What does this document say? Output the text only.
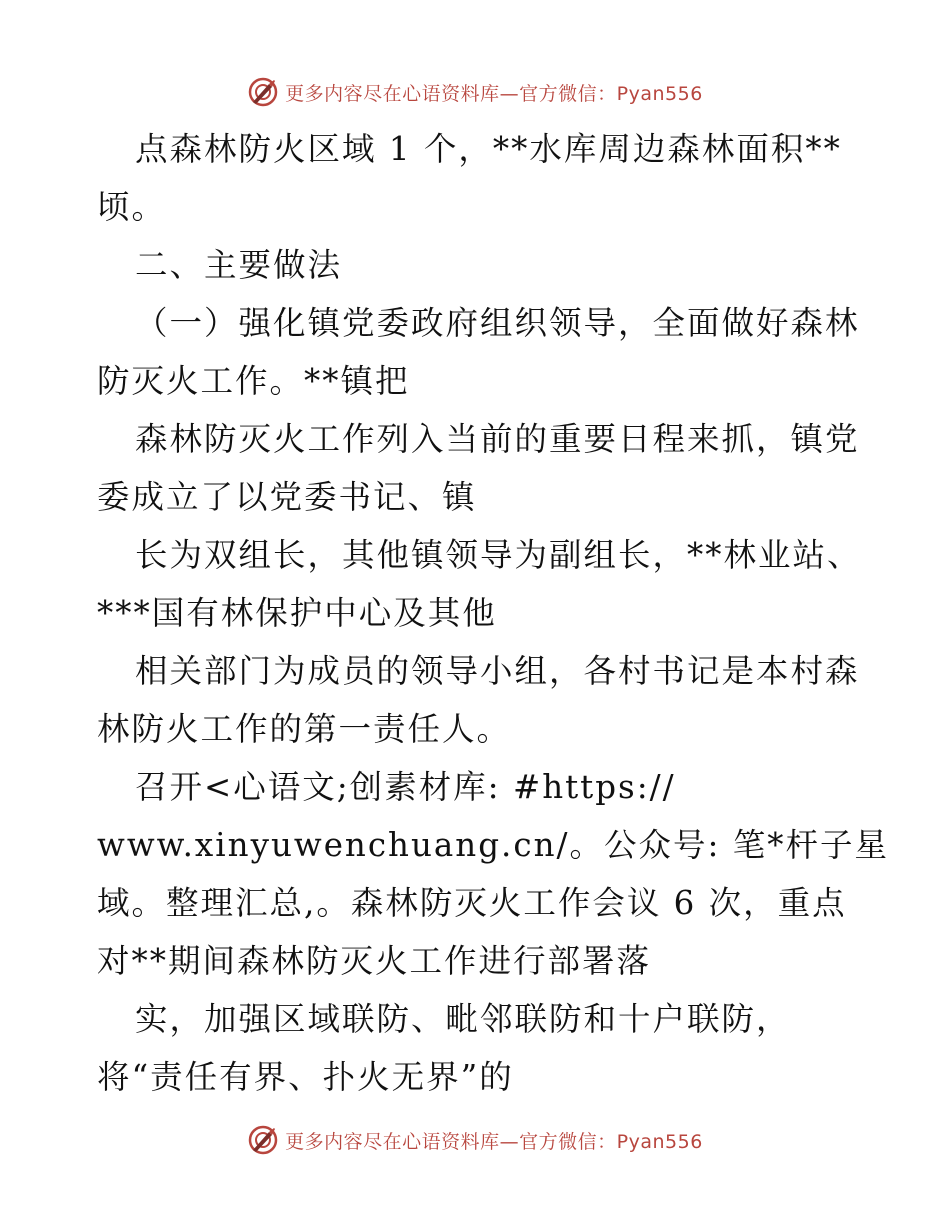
更多内容尽在心语资料库—官方微信：Pyan556
点森林防火区域 1 个，**水库周边森林面积**
顷。
二、主要做法
（一）强化镇党委政府组织领导，全面做好森林
防灭火工作。**镇把
森林防灭火工作列入当前的重要日程来抓，镇党
委成立了以党委书记、镇
长为双组长，其他镇领导为副组长，**林业站、
***国有林保护中心及其他
相关部门为成员的领导小组，各村书记是本村森
林防火工作的第一责任人。
召开<心语文;创素材库: #https://
www.xinyuwenchuang.cn/。公众号: 笔*杆子星
域。整理汇总,。森林防灭火工作会议 6 次，重点
对**期间森林防灭火工作进行部署落
实，加强区域联防、毗邻联防和十户联防，
将“责任有界、扑火无界”的
更多内容尽在心语资料库—官方微信：Pyan556
